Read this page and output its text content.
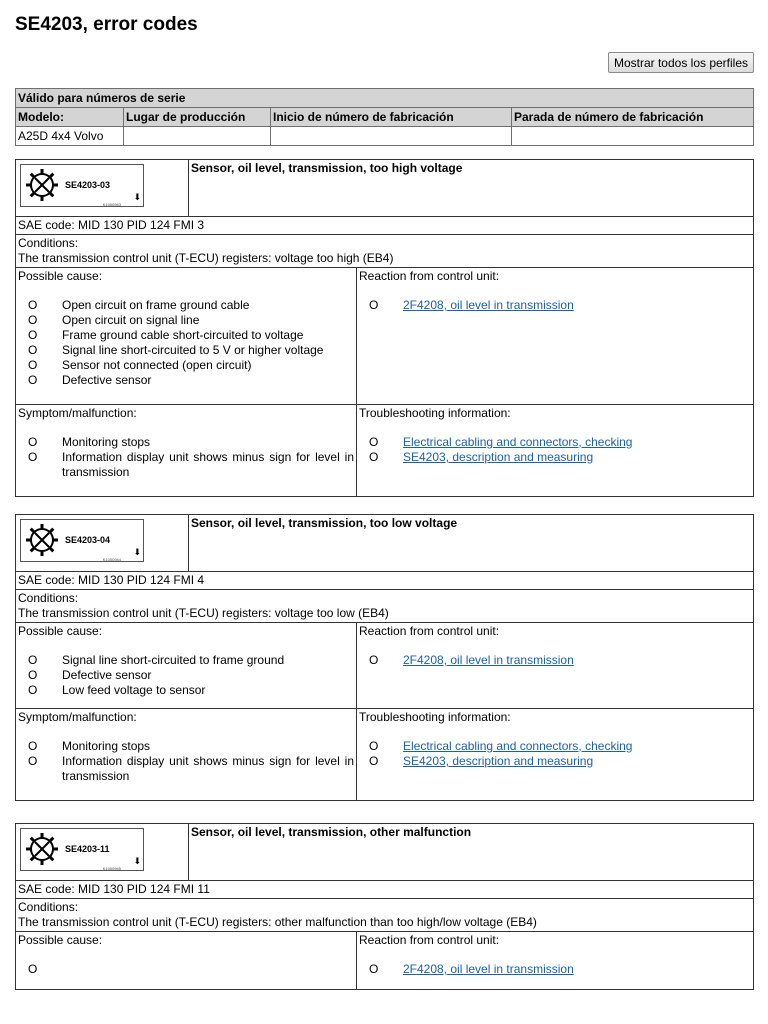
SE4203, error codes
Mostrar todos los perfiles
Válido para números de serie			
Modelo:	Lugar de producción	Inicio de número de fabricación	Parada de número de fabricación
A25D 4x4 Volvo			
SE4203-03
⬇
K1000943
Sensor, oil level, transmission, too high voltage
SAE code: MID 130 PID 124 FMI 3
Conditions:
The transmission control unit (T-ECU) registers: voltage too high (EB4)
Possible cause:
O Open circuit on frame ground cable
O Open circuit on signal line
O Frame ground cable short-circuited to voltage
O Signal line short-circuited to 5 V or higher voltage
O Sensor not connected (open circuit)
O Defective sensor
Reaction from control unit:
O 2F4208, oil level in transmission
Symptom/malfunction:
O Monitoring stops
O Information display unit shows minus sign for level in transmission
Troubleshooting information:
O Electrical cabling and connectors, checking
O SE4203, description and measuring
SE4203-04
⬇
K1000944
Sensor, oil level, transmission, too low voltage
SAE code: MID 130 PID 124 FMI 4
Conditions:
The transmission control unit (T-ECU) registers: voltage too low (EB4)
Possible cause:
O Signal line short-circuited to frame ground
O Defective sensor
O Low feed voltage to sensor
Reaction from control unit:
O 2F4208, oil level in transmission
Symptom/malfunction:
O Monitoring stops
O Information display unit shows minus sign for level in transmission
Troubleshooting information:
O Electrical cabling and connectors, checking
O SE4203, description and measuring
SE4203-11
⬇
K1000945
Sensor, oil level, transmission, other malfunction
SAE code: MID 130 PID 124 FMI 11
Conditions:
The transmission control unit (T-ECU) registers: other malfunction than too high/low voltage (EB4)
Possible cause:
O
Reaction from control unit:
O 2F4208, oil level in transmission
